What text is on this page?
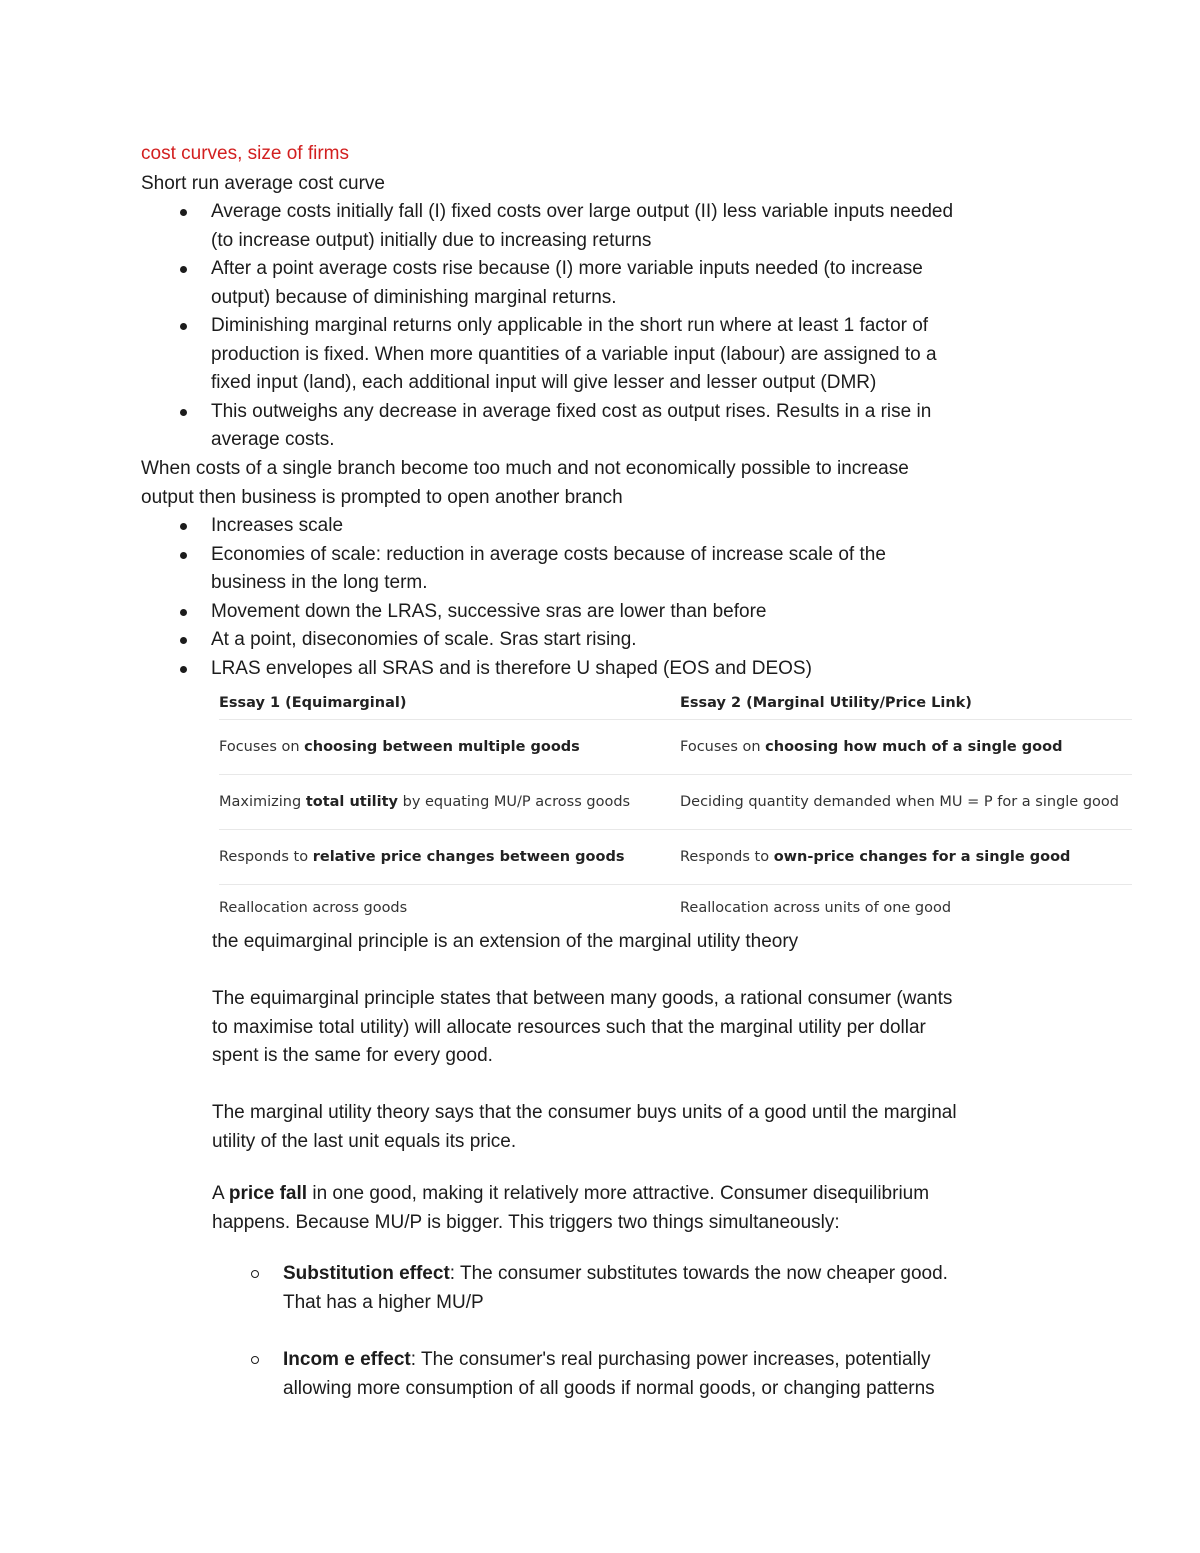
cost curves, size of firms
Short run average cost curve
Average costs initially fall (I) fixed costs over large output (II) less variable inputs needed
(to increase output) initially due to increasing returns
After a point average costs rise because (I) more variable inputs needed (to increase
output) because of diminishing marginal returns.
Diminishing marginal returns only applicable in the short run where at least 1 factor of
production is fixed. When more quantities of a variable input (labour) are assigned to a
fixed input (land), each additional input will give lesser and lesser output (DMR)
This outweighs any decrease in average fixed cost as output rises. Results in a rise in
average costs.
When costs of a single branch become too much and not economically possible to increase
output then business is prompted to open another branch
Increases scale
Economies of scale: reduction in average costs because of increase scale of the
business in the long term.
Movement down the LRAS, successive sras are lower than before
At a point, diseconomies of scale. Sras start rising.
LRAS envelopes all SRAS and is therefore U shaped (EOS and DEOS)
Essay 1 (Equimarginal)	Essay 2 (Marginal Utility/Price Link)
Focuses on choosing between multiple goods	Focuses on choosing how much of a single good
Maximizing total utility by equating MU/P across goods	Deciding quantity demanded when MU = P for a single good
Responds to relative price changes between goods	Responds to own-price changes for a single good
Reallocation across goods	Reallocation across units of one good
the equimarginal principle is an extension of the marginal utility theory
The equimarginal principle states that between many goods, a rational consumer (wants
to maximise total utility) will allocate resources such that the marginal utility per dollar
spent is the same for every good.
The marginal utility theory says that the consumer buys units of a good until the marginal
utility of the last unit equals its price.
A price fall in one good, making it relatively more attractive. Consumer disequilibrium
happens. Because MU/P is bigger. This triggers two things simultaneously:
Substitution effect: The consumer substitutes towards the now cheaper good.
That has a higher MU/P
Incom e effect: The consumer's real purchasing power increases, potentially
allowing more consumption of all goods if normal goods, or changing patterns
